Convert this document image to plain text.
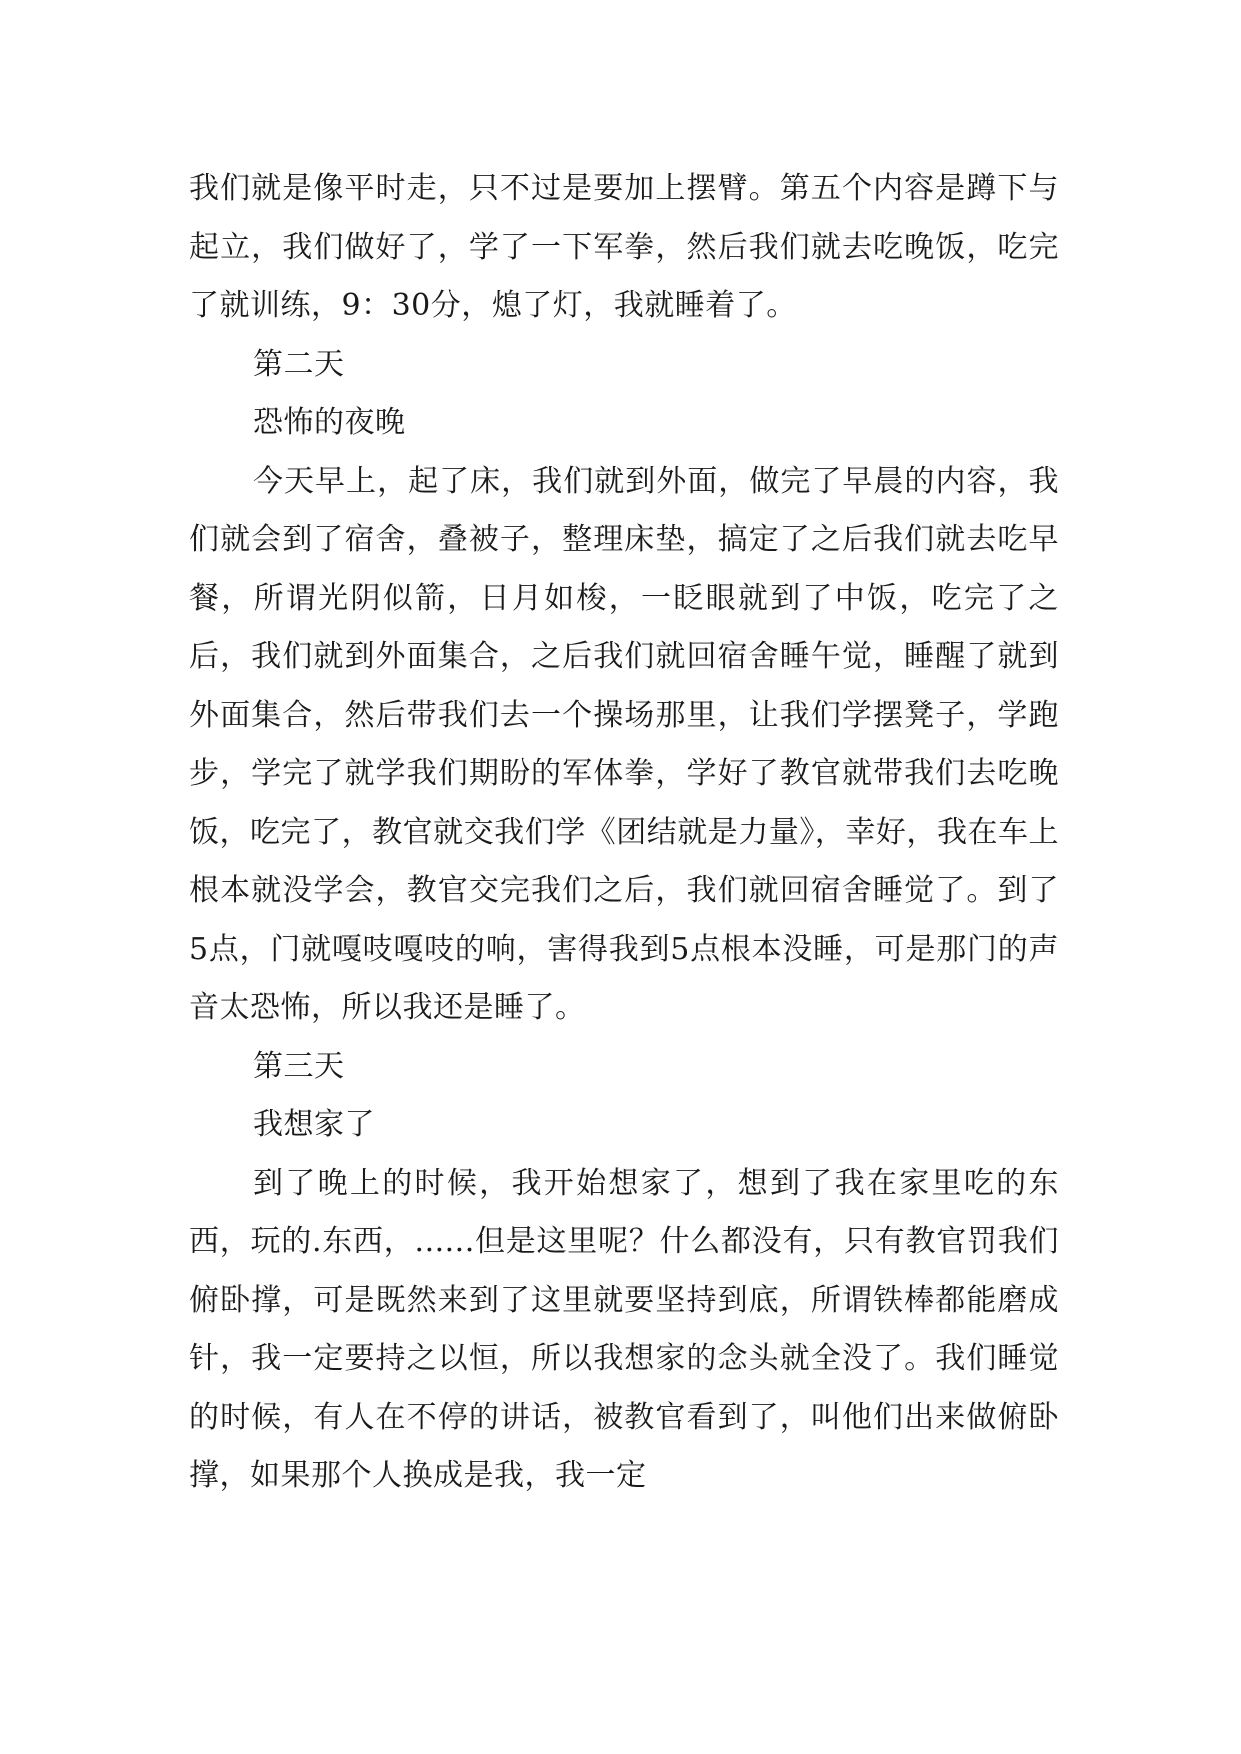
我们就是像平时走，只不过是要加上摆臂。第五个内容是蹲下与起立，我们做好了，学了一下军拳，然后我们就去吃晚饭，吃完了就训练，9：30分，熄了灯，我就睡着了。

第二天
恐怖的夜晚

今天早上，起了床，我们就到外面，做完了早晨的内容，我们就会到了宿舍，叠被子，整理床垫，搞定了之后我们就去吃早餐，所谓光阴似箭，日月如梭，一眨眼就到了中饭，吃完了之后，我们就到外面集合，之后我们就回宿舍睡午觉，睡醒了就到外面集合，然后带我们去一个操场那里，让我们学摆凳子，学跑步，学完了就学我们期盼的军体拳，学好了教官就带我们去吃晚饭，吃完了，教官就交我们学《团结就是力量》，幸好，我在车上根本就没学会，教官交完我们之后，我们就回宿舍睡觉了。到了5点，门就嘎吱嘎吱的响，害得我到5点根本没睡，可是那门的声音太恐怖，所以我还是睡了。

第三天
我想家了

到了晚上的时候，我开始想家了，想到了我在家里吃的东西，玩的.东西，......但是这里呢？什么都没有，只有教官罚我们俯卧撑，可是既然来到了这里就要坚持到底，所谓铁棒都能磨成针，我一定要持之以恒，所以我想家的念头就全没了。我们睡觉的时候，有人在不停的讲话，被教官看到了，叫他们出来做俯卧撑，如果那个人换成是我，我一定
